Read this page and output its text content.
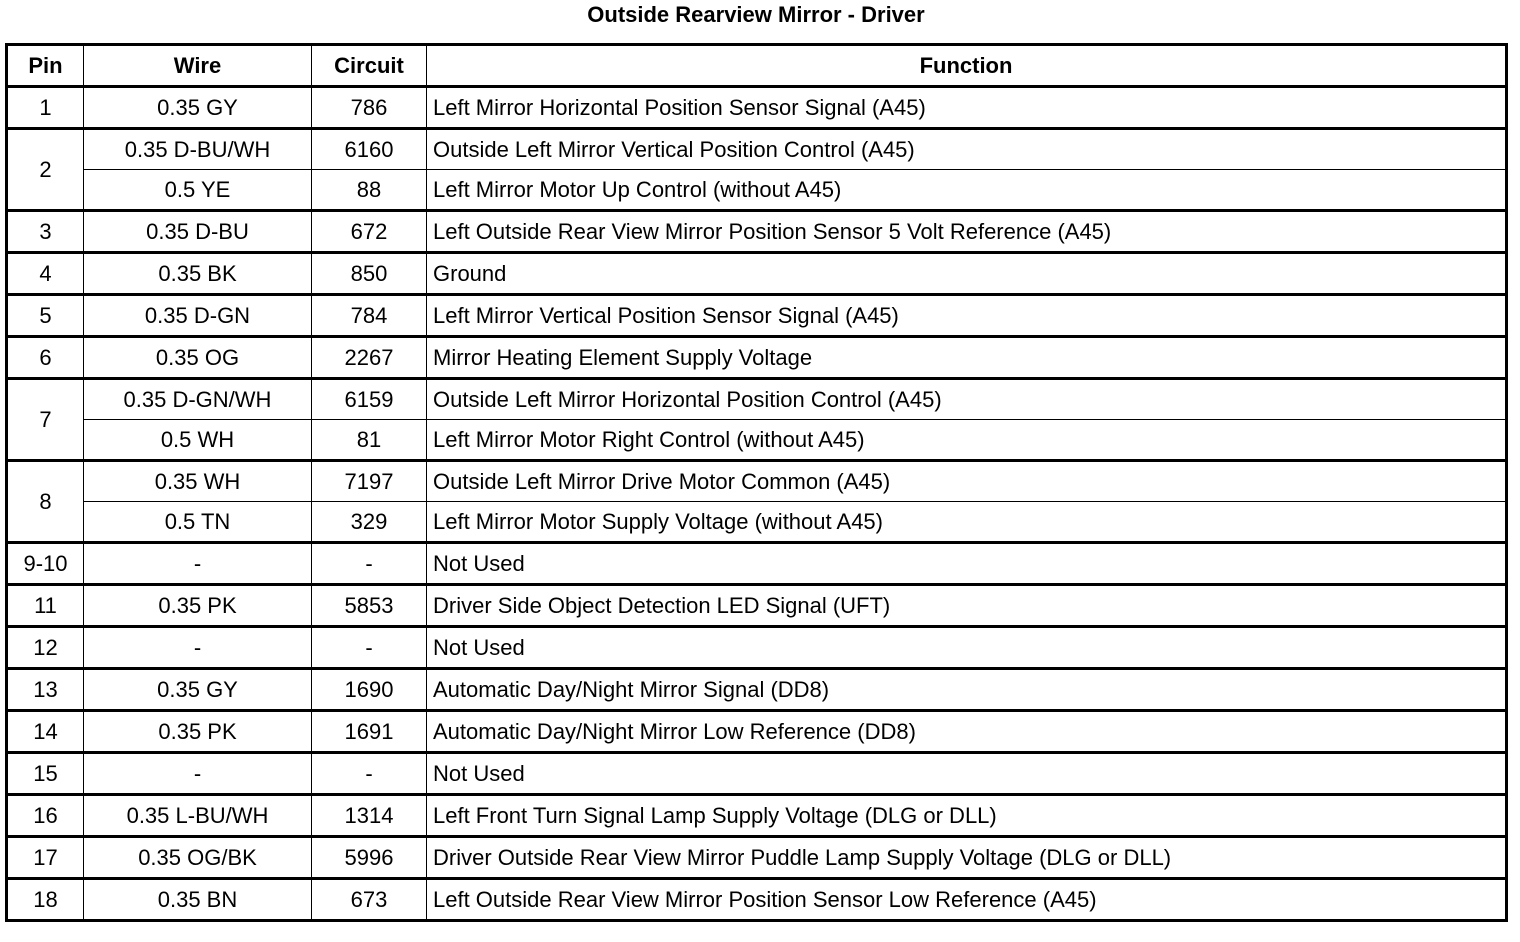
Outside Rearview Mirror - Driver
Pin	Wire	Circuit	Function
1	0.35 GY	786	Left Mirror Horizontal Position Sensor Signal (A45)
2	0.35 D-BU/WH	6160	Outside Left Mirror Vertical Position Control (A45)
	0.5 YE	88	Left Mirror Motor Up Control (without A45)
3	0.35 D-BU	672	Left Outside Rear View Mirror Position Sensor 5 Volt Reference (A45)
4	0.35 BK	850	Ground
5	0.35 D-GN	784	Left Mirror Vertical Position Sensor Signal (A45)
6	0.35 OG	2267	Mirror Heating Element Supply Voltage
7	0.35 D-GN/WH	6159	Outside Left Mirror Horizontal Position Control (A45)
	0.5 WH	81	Left Mirror Motor Right Control (without A45)
8	0.35 WH	7197	Outside Left Mirror Drive Motor Common (A45)
	0.5 TN	329	Left Mirror Motor Supply Voltage (without A45)
9-10	-	-	Not Used
11	0.35 PK	5853	Driver Side Object Detection LED Signal (UFT)
12	-	-	Not Used
13	0.35 GY	1690	Automatic Day/Night Mirror Signal (DD8)
14	0.35 PK	1691	Automatic Day/Night Mirror Low Reference (DD8)
15	-	-	Not Used
16	0.35 L-BU/WH	1314	Left Front Turn Signal Lamp Supply Voltage (DLG or DLL)
17	0.35 OG/BK	5996	Driver Outside Rear View Mirror Puddle Lamp Supply Voltage (DLG or DLL)
18	0.35 BN	673	Left Outside Rear View Mirror Position Sensor Low Reference (A45)
